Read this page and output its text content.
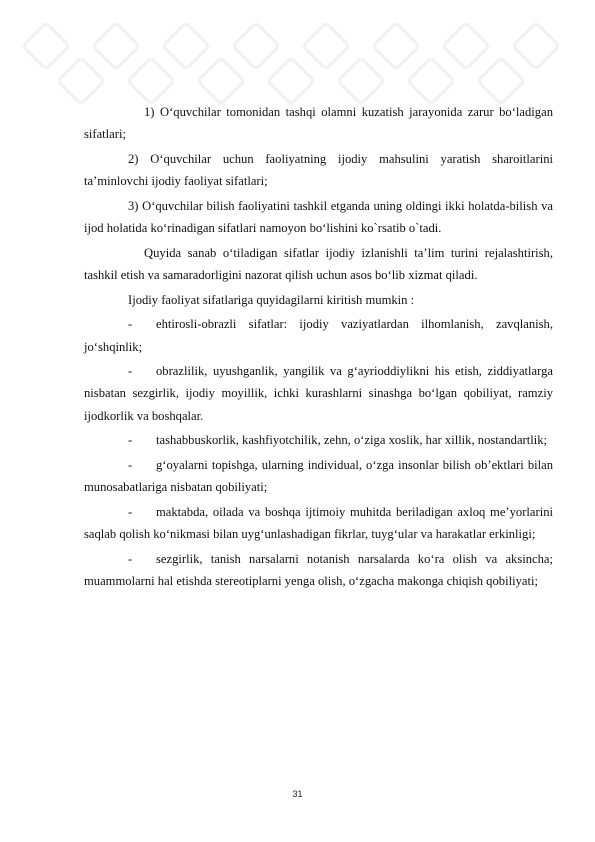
1) O‘quvchilar tomonidan tashqi olamni kuzatish jarayonida zarur bo‘ladigan sifatlari;

2) O‘quvchilar uchun faoliyatning ijodiy mahsulini yaratish sharoitlarini ta’minlovchi ijodiy faoliyat sifatlari;

3) O‘quvchilar bilish faoliyatini tashkil etganda uning oldingi ikki holatda-bilish va ijod holatida ko‘rinadigan sifatlari namoyon bo‘lishini ko`rsatib o`tadi.

Quyida sanab o‘tiladigan sifatlar ijodiy izlanishli ta’lim turini rejalashtirish, tashkil etish va samaradorligini nazorat qilish uchun asos bo‘lib xizmat qiladi.

Ijodiy faoliyat sifatlariga quyidagilarni kiritish mumkin :

- ehtirosli-obrazli sifatlar: ijodiy vaziyatlardan ilhomlanish, zavqlanish, jo‘shqinlik;

- obrazlilik, uyushganlik, yangilik va g‘ayrioddiylikni his etish, ziddiyatlarga nisbatan sezgirlik, ijodiy moyillik, ichki kurashlarni sinashga bo‘lgan qobiliyat, ramziy ijodkorlik va boshqalar.

- tashabbuskorlik, kashfiyotchilik, zehn, o‘ziga xoslik, har xillik, nostandartlik;

- g‘oyalarni topishga, ularning individual, o‘zga insonlar bilish ob’ektlari bilan munosabatlariga nisbatan qobiliyati;

- maktabda, oilada va boshqa ijtimoiy muhitda beriladigan axloq me’yorlarini saqlab qolish ko‘nikmasi bilan uyg‘unlashadigan fikrlar, tuyg‘ular va harakatlar erkinligi;

- sezgirlik, tanish narsalarni notanish narsalarda ko‘ra olish va aksincha; muammolarni hal etishda stereotiplarni yenga olish, o‘zgacha makonga chiqish qobiliyati;

31
